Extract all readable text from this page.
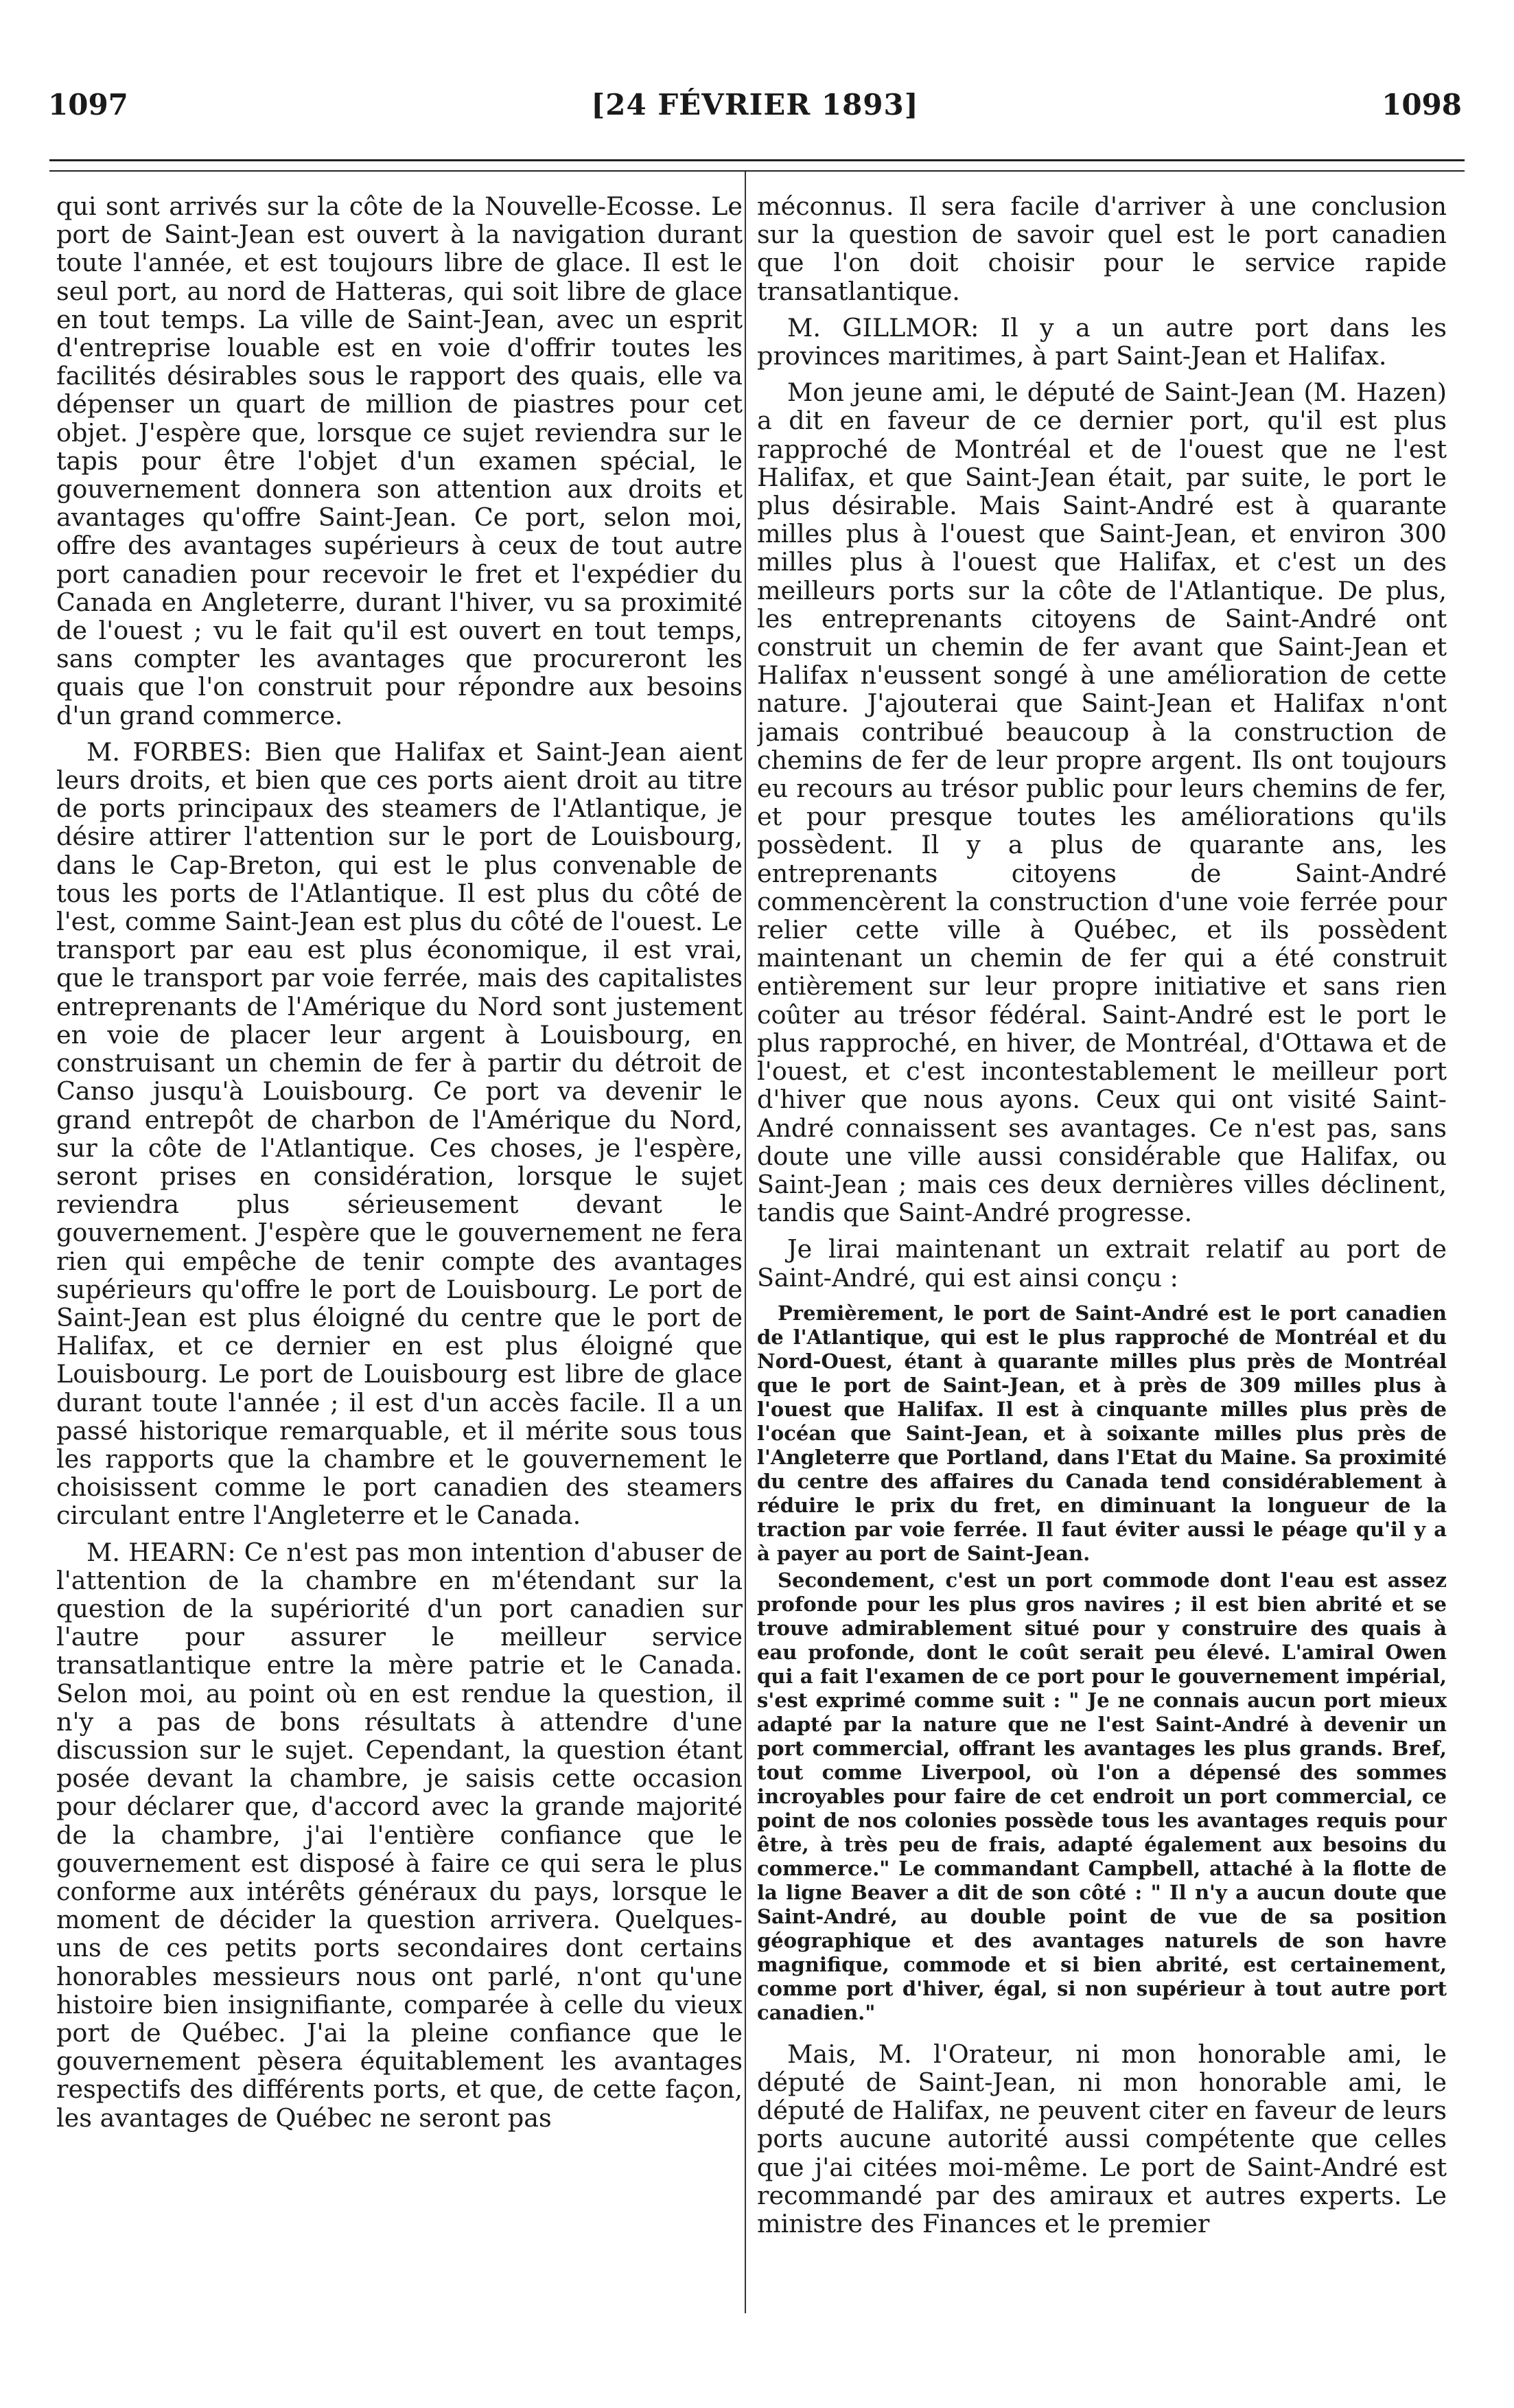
1097	[24 FÉVRIER 1893]	1098

qui sont arrivés sur la côte de la Nouvelle-Ecosse. Le port de Saint-Jean est ouvert à la navigation durant toute l'année, et est toujours libre de glace. Il est le seul port, au nord de Hatteras, qui soit libre de glace en tout temps. La ville de Saint-Jean, avec un esprit d'entreprise louable est en voie d'offrir toutes les facilités désirables sous le rapport des quais, elle va dépenser un quart de million de piastres pour cet objet. J'espère que, lorsque ce sujet reviendra sur le tapis pour être l'objet d'un examen spécial, le gouvernement donnera son attention aux droits et avantages qu'offre Saint-Jean. Ce port, selon moi, offre des avantages supérieurs à ceux de tout autre port canadien pour recevoir le fret et l'expédier du Canada en Angleterre, durant l'hiver, vu sa proximité de l'ouest ; vu le fait qu'il est ouvert en tout temps, sans compter les avantages que procureront les quais que l'on construit pour répondre aux besoins d'un grand commerce.

M. FORBES: Bien que Halifax et Saint-Jean aient leurs droits, et bien que ces ports aient droit au titre de ports principaux des steamers de l'Atlantique, je désire attirer l'attention sur le port de Louisbourg, dans le Cap-Breton, qui est le plus convenable de tous les ports de l'Atlantique. Il est plus du côté de l'est, comme Saint-Jean est plus du côté de l'ouest. Le transport par eau est plus économique, il est vrai, que le transport par voie ferrée, mais des capitalistes entreprenants de l'Amérique du Nord sont justement en voie de placer leur argent à Louisbourg, en construisant un chemin de fer à partir du détroit de Canso jusqu'à Louisbourg. Ce port va devenir le grand entrepôt de charbon de l'Amérique du Nord, sur la côte de l'Atlantique. Ces choses, je l'espère, seront prises en considération, lorsque le sujet reviendra plus sérieusement devant le gouvernement. J'espère que le gouvernement ne fera rien qui empêche de tenir compte des avantages supérieurs qu'offre le port de Louisbourg. Le port de Saint-Jean est plus éloigné du centre que le port de Halifax, et ce dernier en est plus éloigné que Louisbourg. Le port de Louisbourg est libre de glace durant toute l'année ; il est d'un accès facile. Il a un passé historique remarquable, et il mérite sous tous les rapports que la chambre et le gouvernement le choisissent comme le port canadien des steamers circulant entre l'Angleterre et le Canada.

M. HEARN: Ce n'est pas mon intention d'abuser de l'attention de la chambre en m'étendant sur la question de la supériorité d'un port canadien sur l'autre pour assurer le meilleur service transatlantique entre la mère patrie et le Canada. Selon moi, au point où en est rendue la question, il n'y a pas de bons résultats à attendre d'une discussion sur le sujet. Cependant, la question étant posée devant la chambre, je saisis cette occasion pour déclarer que, d'accord avec la grande majorité de la chambre, j'ai l'entière confiance que le gouvernement est disposé à faire ce qui sera le plus conforme aux intérêts généraux du pays, lorsque le moment de décider la question arrivera. Quelques-uns de ces petits ports secondaires dont certains honorables messieurs nous ont parlé, n'ont qu'une histoire bien insignifiante, comparée à celle du vieux port de Québec. J'ai la pleine confiance que le gouvernement pèsera équitablement les avantages respectifs des différents ports, et que, de cette façon, les avantages de Québec ne seront pas

méconnus. Il sera facile d'arriver à une conclusion sur la question de savoir quel est le port canadien que l'on doit choisir pour le service rapide transatlantique.

M. GILLMOR: Il y a un autre port dans les provinces maritimes, à part Saint-Jean et Halifax.

Mon jeune ami, le député de Saint-Jean (M. Hazen) a dit en faveur de ce dernier port, qu'il est plus rapproché de Montréal et de l'ouest que ne l'est Halifax, et que Saint-Jean était, par suite, le port le plus désirable. Mais Saint-André est à quarante milles plus à l'ouest que Saint-Jean, et environ 300 milles plus à l'ouest que Halifax, et c'est un des meilleurs ports sur la côte de l'Atlantique. De plus, les entreprenants citoyens de Saint-André ont construit un chemin de fer avant que Saint-Jean et Halifax n'eussent songé à une amélioration de cette nature. J'ajouterai que Saint-Jean et Halifax n'ont jamais contribué beaucoup à la construction de chemins de fer de leur propre argent. Ils ont toujours eu recours au trésor public pour leurs chemins de fer, et pour presque toutes les améliorations qu'ils possèdent. Il y a plus de quarante ans, les entreprenants citoyens de Saint-André commencèrent la construction d'une voie ferrée pour relier cette ville à Québec, et ils possèdent maintenant un chemin de fer qui a été construit entièrement sur leur propre initiative et sans rien coûter au trésor fédéral. Saint-André est le port le plus rapproché, en hiver, de Montréal, d'Ottawa et de l'ouest, et c'est incontestablement le meilleur port d'hiver que nous ayons. Ceux qui ont visité Saint-André connaissent ses avantages. Ce n'est pas, sans doute une ville aussi considérable que Halifax, ou Saint-Jean ; mais ces deux dernières villes déclinent, tandis que Saint-André progresse.

Je lirai maintenant un extrait relatif au port de Saint-André, qui est ainsi conçu :

Premièrement, le port de Saint-André est le port canadien de l'Atlantique, qui est le plus rapproché de Montréal et du Nord-Ouest, étant à quarante milles plus près de Montréal que le port de Saint-Jean, et à près de 309 milles plus à l'ouest que Halifax. Il est à cinquante milles plus près de l'océan que Saint-Jean, et à soixante milles plus près de l'Angleterre que Portland, dans l'Etat du Maine. Sa proximité du centre des affaires du Canada tend considérablement à réduire le prix du fret, en diminuant la longueur de la traction par voie ferrée. Il faut éviter aussi le péage qu'il y a à payer au port de Saint-Jean.

Secondement, c'est un port commode dont l'eau est assez profonde pour les plus gros navires ; il est bien abrité et se trouve admirablement situé pour y construire des quais à eau profonde, dont le coût serait peu élevé. L'amiral Owen qui a fait l'examen de ce port pour le gouvernement impérial, s'est exprimé comme suit : " Je ne connais aucun port mieux adapté par la nature que ne l'est Saint-André à devenir un port commercial, offrant les avantages les plus grands. Bref, tout comme Liverpool, où l'on a dépensé des sommes incroyables pour faire de cet endroit un port commercial, ce point de nos colonies possède tous les avantages requis pour être, à très peu de frais, adapté également aux besoins du commerce." Le commandant Campbell, attaché à la flotte de la ligne Beaver a dit de son côté : " Il n'y a aucun doute que Saint-André, au double point de vue de sa position géographique et des avantages naturels de son havre magnifique, commode et si bien abrité, est certainement, comme port d'hiver, égal, si non supérieur à tout autre port canadien."

Mais, M. l'Orateur, ni mon honorable ami, le député de Saint-Jean, ni mon honorable ami, le député de Halifax, ne peuvent citer en faveur de leurs ports aucune autorité aussi compétente que celles que j'ai citées moi-même. Le port de Saint-André est recommandé par des amiraux et autres experts. Le ministre des Finances et le premier
